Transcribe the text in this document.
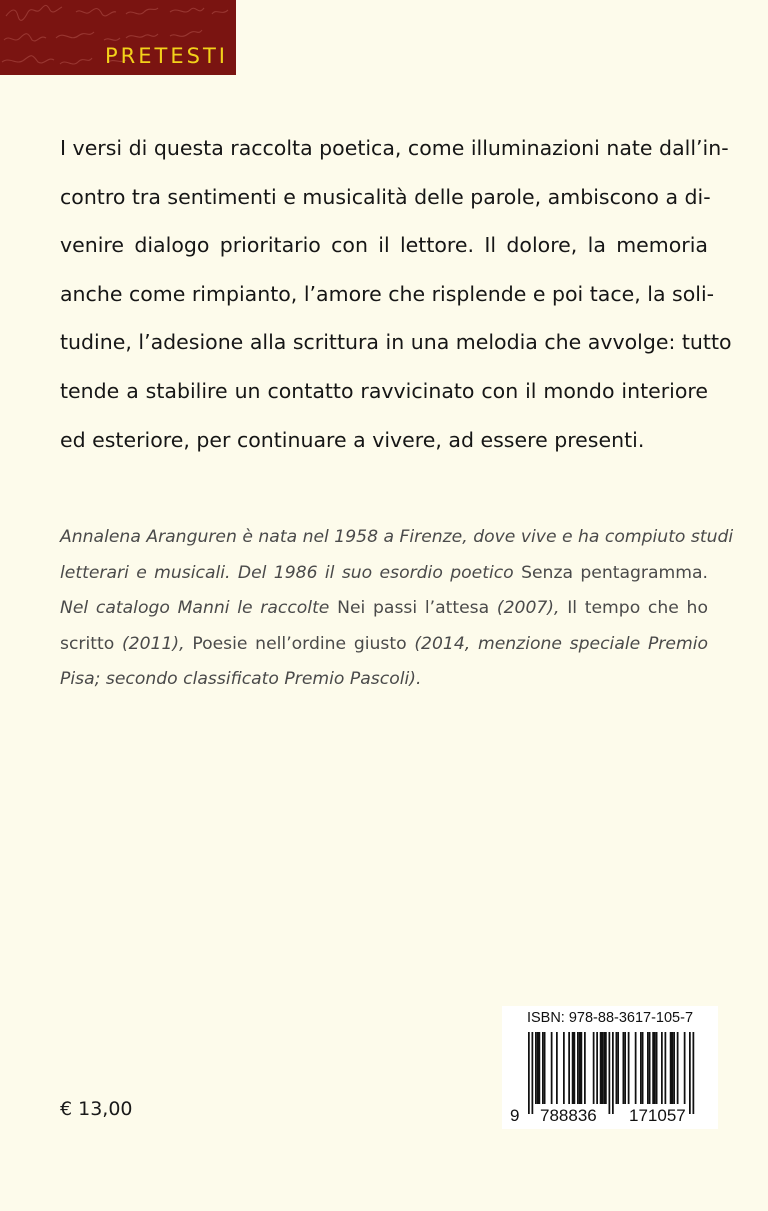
PRETESTI
I versi di questa raccolta poetica, come illuminazioni nate dall’in-
contro tra sentimenti e musicalità delle parole, ambiscono a di-
venire dialogo prioritario con il lettore. Il dolore, la memoria
anche come rimpianto, l’amore che risplende e poi tace, la soli-
tudine, l’adesione alla scrittura in una melodia che avvolge: tutto
tende a stabilire un contatto ravvicinato con il mondo interiore
ed esteriore, per continuare a vivere, ad essere presenti.
Annalena Aranguren è nata nel 1958 a Firenze, dove vive e ha compiuto studi
letterari e musicali. Del 1986 il suo esordio poetico Senza pentagramma.
Nel catalogo Manni le raccolte Nei passi l’attesa (2007), Il tempo che ho
scritto (2011), Poesie nell’ordine giusto (2014, menzione speciale Premio
Pisa; secondo classificato Premio Pascoli).
€ 13,00
ISBN: 978-88-3617-105-7
9 788836 171057
